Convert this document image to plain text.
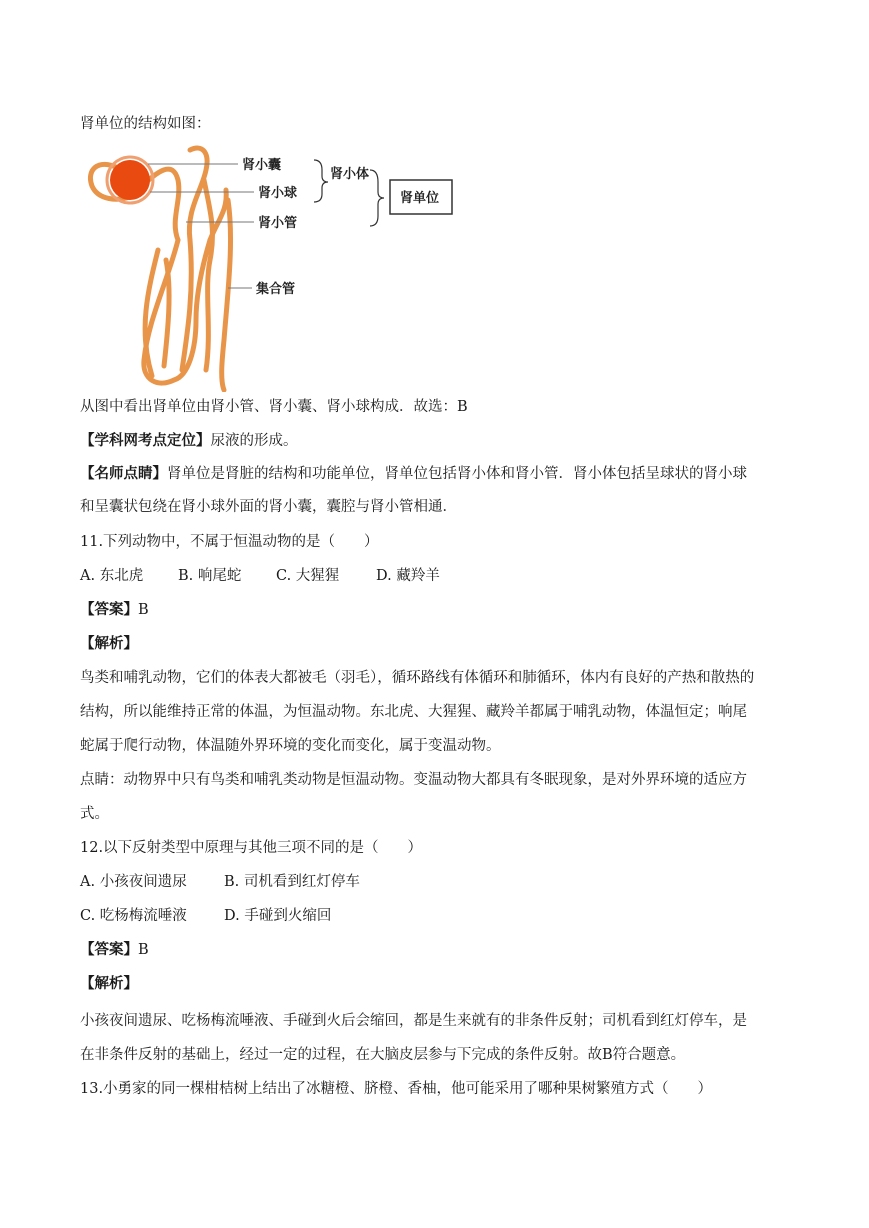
肾单位的结构如图：
肾小囊
肾小球
肾小管
集合管
肾小体
肾单位
从图中看出肾单位由肾小管、肾小囊、肾小球构成．故选：B
【学科网考点定位】尿液的形成。
【名师点睛】肾单位是肾脏的结构和功能单位，肾单位包括肾小体和肾小管．肾小体包括呈球状的肾小球
和呈囊状包绕在肾小球外面的肾小囊，囊腔与肾小管相通．
11.下列动物中，不属于恒温动物的是（　　）
A. 东北虎 B. 响尾蛇 C. 大猩猩	D. 藏羚羊
【答案】B
【解析】
鸟类和哺乳动物，它们的体表大都被毛（羽毛），循环路线有体循环和肺循环，体内有良好的产热和散热的
结构，所以能维持正常的体温，为恒温动物。东北虎、大猩猩、藏羚羊都属于哺乳动物，体温恒定；响尾
蛇属于爬行动物，体温随外界环境的变化而变化，属于变温动物。
点睛：动物界中只有鸟类和哺乳类动物是恒温动物。变温动物大都具有冬眠现象，是对外界环境的适应方
式。
12.以下反射类型中原理与其他三项不同的是（　　）
A. 小孩夜间遗尿	B. 司机看到红灯停车
C. 吃杨梅流唾液	D. 手碰到火缩回
【答案】B
【解析】
小孩夜间遗尿、吃杨梅流唾液、手碰到火后会缩回，都是生来就有的非条件反射；司机看到红灯停车，是
在非条件反射的基础上，经过一定的过程，在大脑皮层参与下完成的条件反射。故B符合题意。
13.小勇家的同一棵柑桔树上结出了冰糖橙、脐橙、香柚，他可能采用了哪种果树繁殖方式（　　）
